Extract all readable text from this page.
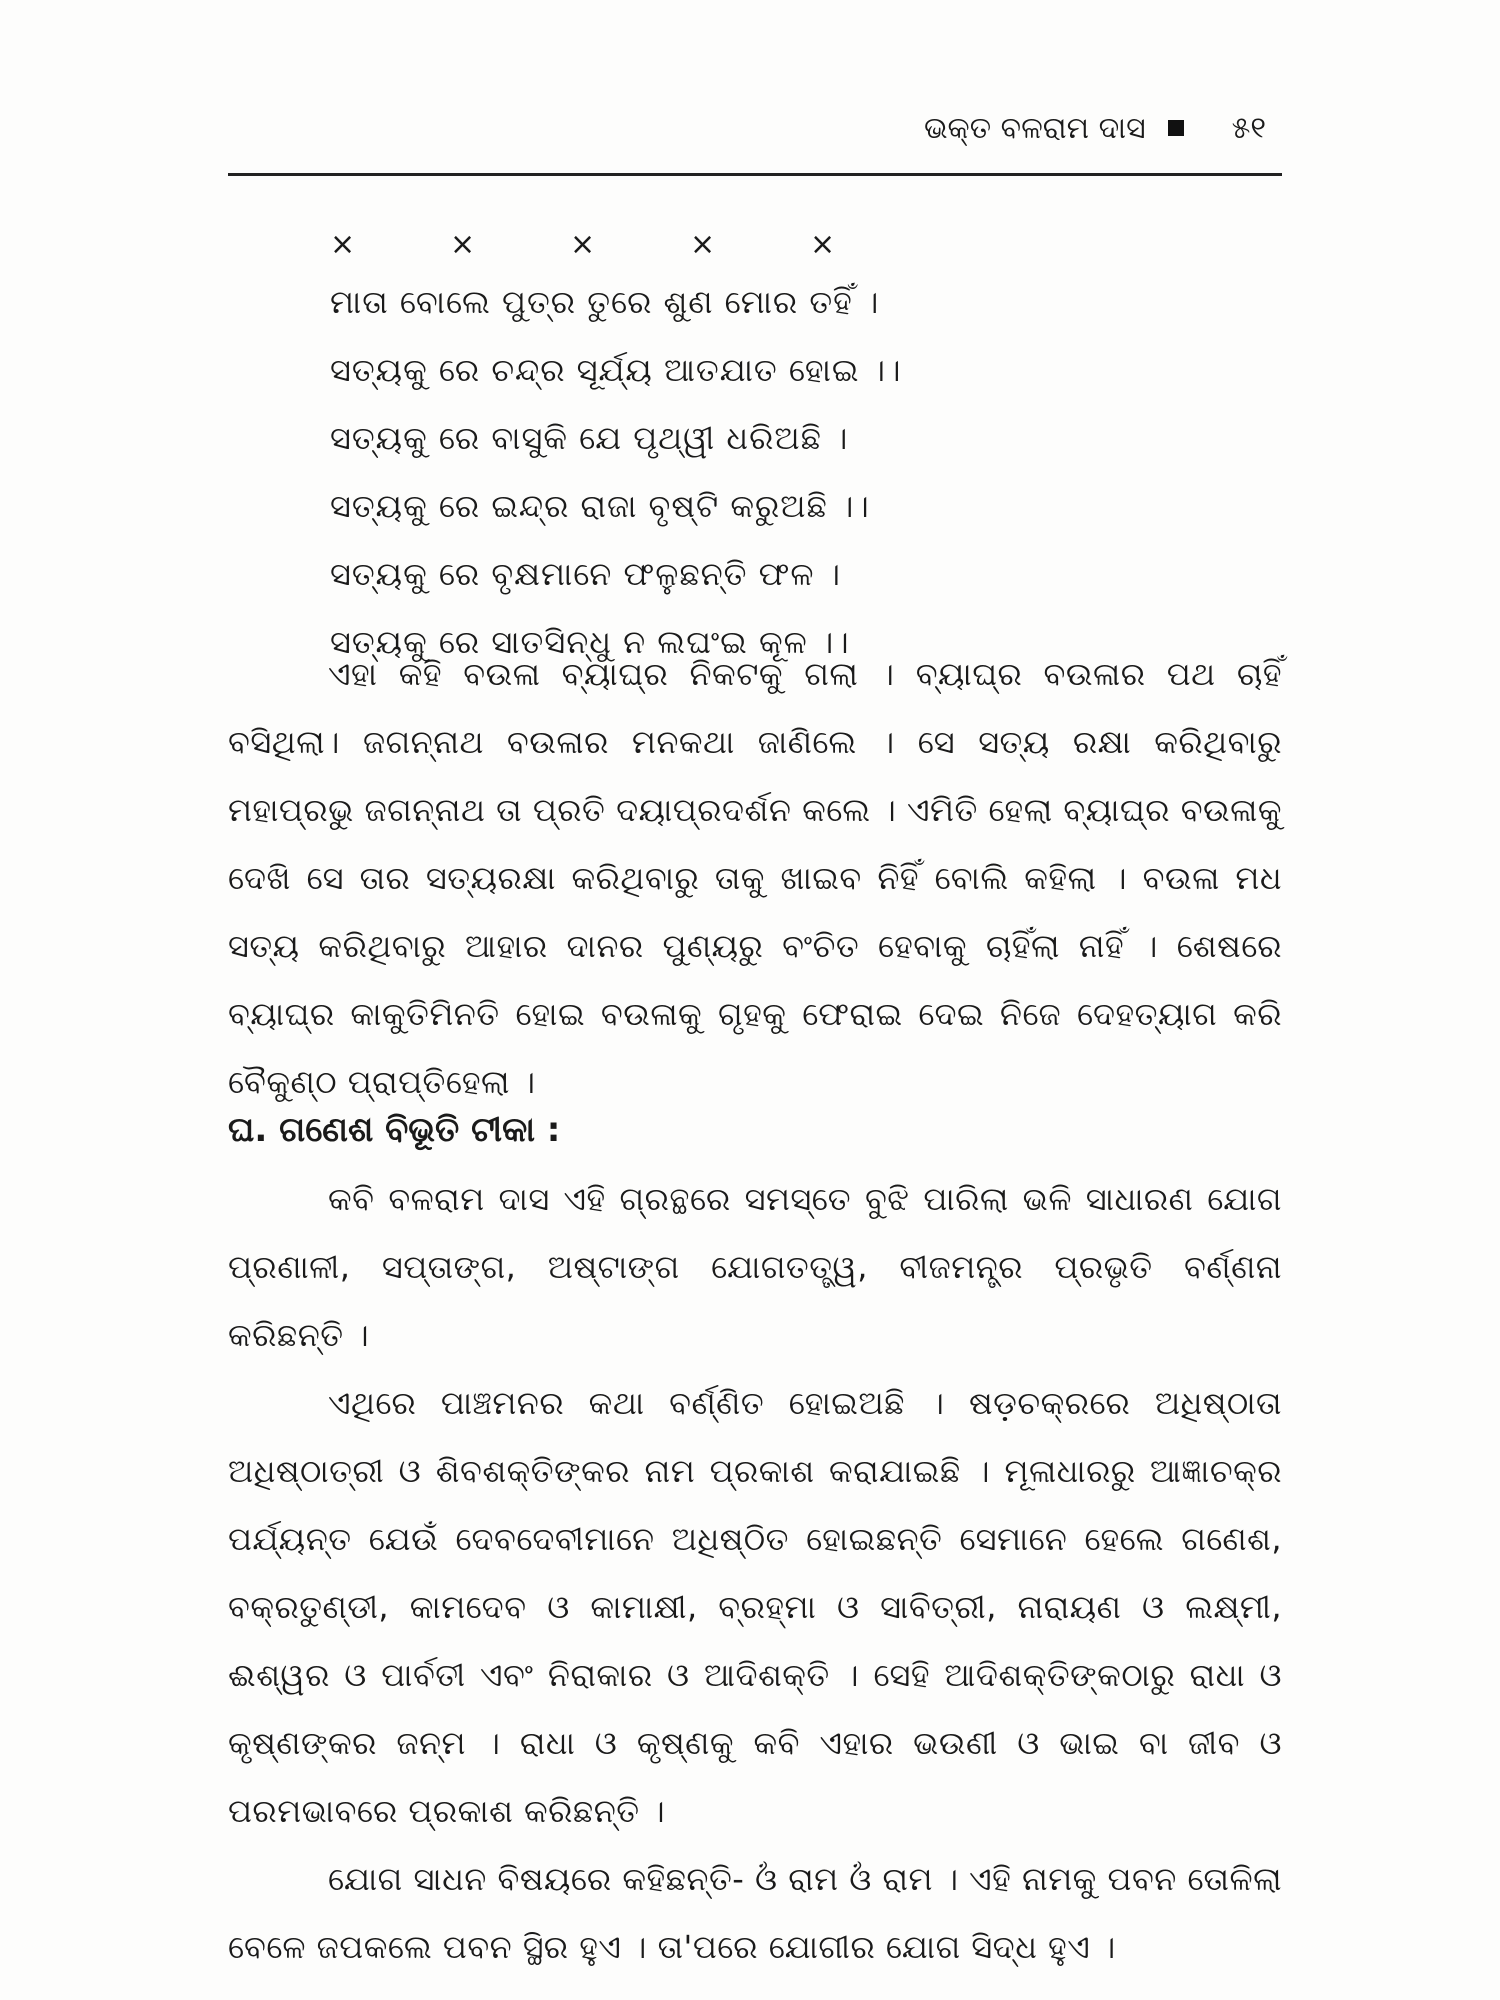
ଭକ୍ତ ବଳରାମ ଦାସ	୫୧
×	×	×	×	×
ମାତା ବୋଲେ ପୁତ୍ର ତୁରେ ଶୁଣ ମୋର ତହିଁ ।
ସତ୍ୟକୁ ରେ ଚନ୍ଦ୍ର ସୂର୍ଯ୍ୟ ଆତଯାତ ହୋଇ ।।
ସତ୍ୟକୁ ରେ ବାସୁକି ଯେ ପୃଥ୍ୱୀ ଧରିଅଛି ।
ସତ୍ୟକୁ ରେ ଇନ୍ଦ୍ର ରାଜା ବୃଷ୍ଟି କରୁଅଛି ।।
ସତ୍ୟକୁ ରେ ବୃକ୍ଷମାନେ ଫଳୁଛନ୍ତି ଫଳ ।
ସତ୍ୟକୁ ରେ ସାତସିନ୍ଧୁ ନ ଲଘଂଇ କୂଳ ।।

ଏହା କହି ବଉଳା ବ୍ୟାଘ୍ର ନିକଟକୁ ଗଲା । ବ୍ୟାଘ୍ର ବଉଳାର ପଥ ଚାହିଁ ବସିଥିଲା। ଜଗନ୍ନାଥ ବଉଳାର ମନକଥା ଜାଣିଲେ । ସେ ସତ୍ୟ ରକ୍ଷା କରିଥିବାରୁ ମହାପ୍ରଭୁ ଜଗନ୍ନାଥ ତା ପ୍ରତି ଦୟାପ୍ରଦର୍ଶନ କଲେ । ଏମିତି ହେଲା ବ୍ୟାଘ୍ର ବଉଳାକୁ ଦେଖି ସେ ତାର ସତ୍ୟରକ୍ଷା କରିଥିବାରୁ ତାକୁ ଖାଇବ ନିହିଁ ବୋଲି କହିଲା । ବଉଳା ମଧ ସତ୍ୟ କରିଥିବାରୁ ଆହାର ଦାନର ପୁଣ୍ୟରୁ ବଂଚିତ ହେବାକୁ ଚାହିଁଲା ନାହିଁ । ଶେଷରେ ବ୍ୟାଘ୍ର କାକୁତିମିନତି ହୋଇ ବଉଳାକୁ ଗୃହକୁ ଫେରାଇ ଦେଇ ନିଜେ ଦେହତ୍ୟାଗ କରି ବୈକୁଣ୍ଠ ପ୍ରାପ୍ତିହେଲା ।

ଘ. ଗଣେଶ ବିଭୂତି ଟୀକା :

କବି ବଳରାମ ଦାସ ଏହି ଗ୍ରନ୍ଥରେ ସମସ୍ତେ ବୁଝି ପାରିଲା ଭଳି ସାଧାରଣ ଯୋଗ ପ୍ରଣାଳୀ, ସପ୍ତାଙ୍ଗ, ଅଷ୍ଟାଙ୍ଗ ଯୋଗତତ୍ତ୍ୱ, ବୀଜମନ୍ତ୍ର ପ୍ରଭୃତି ବର୍ଣ୍ଣନା କରିଛନ୍ତି ।

ଏଥିରେ ପାଞ୍ଚମନର କଥା ବର୍ଣ୍ଣିତ ହୋଇଅଛି । ଷଡ଼ଚକ୍ରରେ ଅଧିଷ୍ଠାତା ଅଧିଷ୍ଠାତ୍ରୀ ଓ ଶିବଶକ୍ତିଙ୍କର ନାମ ପ୍ରକାଶ କରାଯାଇଛି । ମୂଳାଧାରରୁ ଆଜ୍ଞାଚକ୍ର ପର୍ଯ୍ୟନ୍ତ ଯେଉଁ ଦେବଦେବୀମାନେ ଅଧିଷ୍ଠିତ ହୋଇଛନ୍ତି ସେମାନେ ହେଲେ ଗଣେଶ, ବକ୍ରତୁଣ୍ଡୀ, କାମଦେବ ଓ କାମାକ୍ଷୀ, ବ୍ରହ୍ମା ଓ ସାବିତ୍ରୀ, ନାରାୟଣ ଓ ଲକ୍ଷ୍ମୀ, ଈଶ୍ୱର ଓ ପାର୍ବତୀ ଏବଂ ନିରାକାର ଓ ଆଦିଶକ୍ତି । ସେହି ଆଦିଶକ୍ତିଙ୍କଠାରୁ ରାଧା ଓ କୃଷ୍ଣଙ୍କର ଜନ୍ମ । ରାଧା ଓ କୃଷ୍ଣକୁ କବି ଏହାର ଭଉଣୀ ଓ ଭାଇ ବା ଜୀବ ଓ ପରମଭାବରେ ପ୍ରକାଶ କରିଛନ୍ତି ।

ଯୋଗ ସାଧନ ବିଷୟରେ କହିଛନ୍ତି- ଓଁ ରାମ ଓଁ ରାମ । ଏହି ନାମକୁ ପବନ ତୋଳିଲା ବେଳେ ଜପକଲେ ପବନ ସ୍ଥିର ହୁଏ । ତା'ପରେ ଯୋଗୀର ଯୋଗ ସିଦ୍ଧ ହୁଏ ।
